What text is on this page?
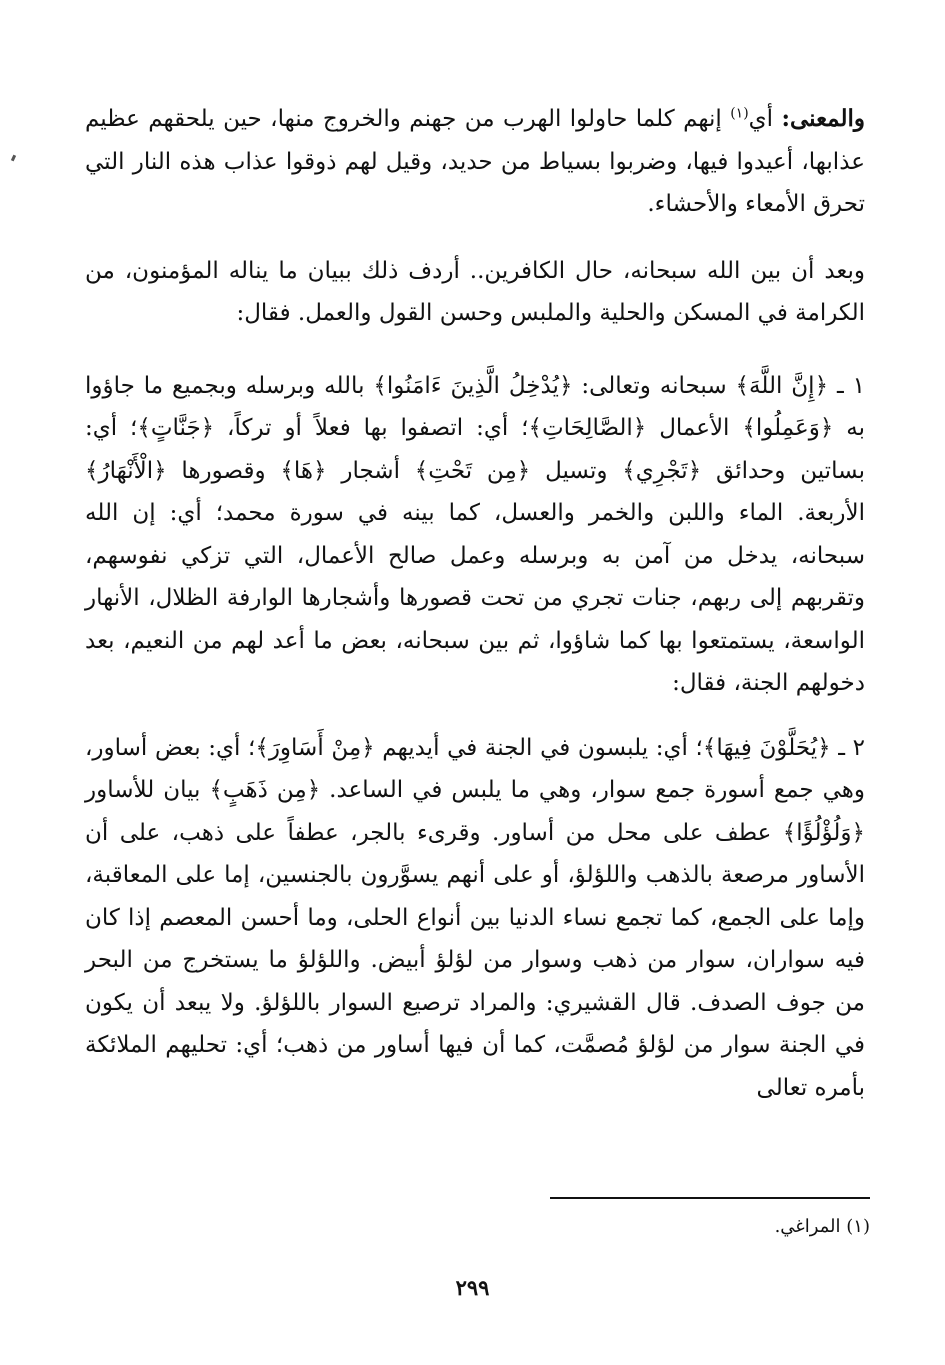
والمعنى: أي$^{(١)}$ إنهم كلما حاولوا الهرب من جهنم والخروج منها، حين يلحقهم عظيم عذابها، أعيدوا فيها، وضربوا بسياط من حديد، وقيل لهم ذوقوا عذاب هذه النار التي تحرق الأمعاء والأحشاء.

وبعد أن بين الله سبحانه، حال الكافرين.. أردف ذلك ببيان ما يناله المؤمنون، من الكرامة في المسكن والحلية والملبس وحسن القول والعمل. فقال:

١ ـ ﴿إِنَّ اللَّهَ﴾ سبحانه وتعالى: ﴿يُدْخِلُ الَّذِينَ ءَامَنُوا﴾ بالله وبرسله وبجميع ما جاؤوا به ﴿وَعَمِلُوا﴾ الأعمال ﴿الصَّالِحَاتِ﴾؛ أي: اتصفوا بها فعلاً أو تركاً، ﴿جَنَّاتٍ﴾؛ أي: بساتين وحدائق ﴿تَجْرِي﴾ وتسيل ﴿مِن تَحْتِ﴾ أشجار ﴿هَا﴾ وقصورها ﴿الْأَنْهَارُ﴾ الأربعة. الماء واللبن والخمر والعسل، كما بينه في سورة محمد؛ أي: إن الله سبحانه، يدخل من آمن به وبرسله وعمل صالح الأعمال، التي تزكي نفوسهم، وتقربهم إلى ربهم، جنات تجري من تحت قصورها وأشجارها الوارفة الظلال، الأنهار الواسعة، يستمتعوا بها كما شاؤوا، ثم بين سبحانه، بعض ما أعد لهم من النعيم، بعد دخولهم الجنة، فقال:

٢ ـ ﴿يُحَلَّوْنَ فِيهَا﴾؛ أي: يلبسون في الجنة في أيديهم ﴿مِنْ أَسَاوِرَ﴾؛ أي: بعض أساور، وهي جمع أسورة جمع سوار، وهي ما يلبس في الساعد. ﴿مِن ذَهَبٍ﴾ بيان للأساور ﴿وَلُؤْلُؤًا﴾ عطف على محل من أساور. وقرىء بالجر، عطفاً على ذهب، على أن الأساور مرصعة بالذهب واللؤلؤ، أو على أنهم يسوَّرون بالجنسين، إما على المعاقبة، وإما على الجمع، كما تجمع نساء الدنيا بين أنواع الحلى، وما أحسن المعصم إذا كان فيه سواران، سوار من ذهب وسوار من لؤلؤ أبيض. واللؤلؤ ما يستخرج من البحر من جوف الصدف. قال القشيري: والمراد ترصيع السوار باللؤلؤ. ولا يبعد أن يكون في الجنة سوار من لؤلؤ مُصمَّت، كما أن فيها أساور من ذهب؛ أي: تحليهم الملائكة بأمره تعالى

(١) المراغي.
٢٩٩
